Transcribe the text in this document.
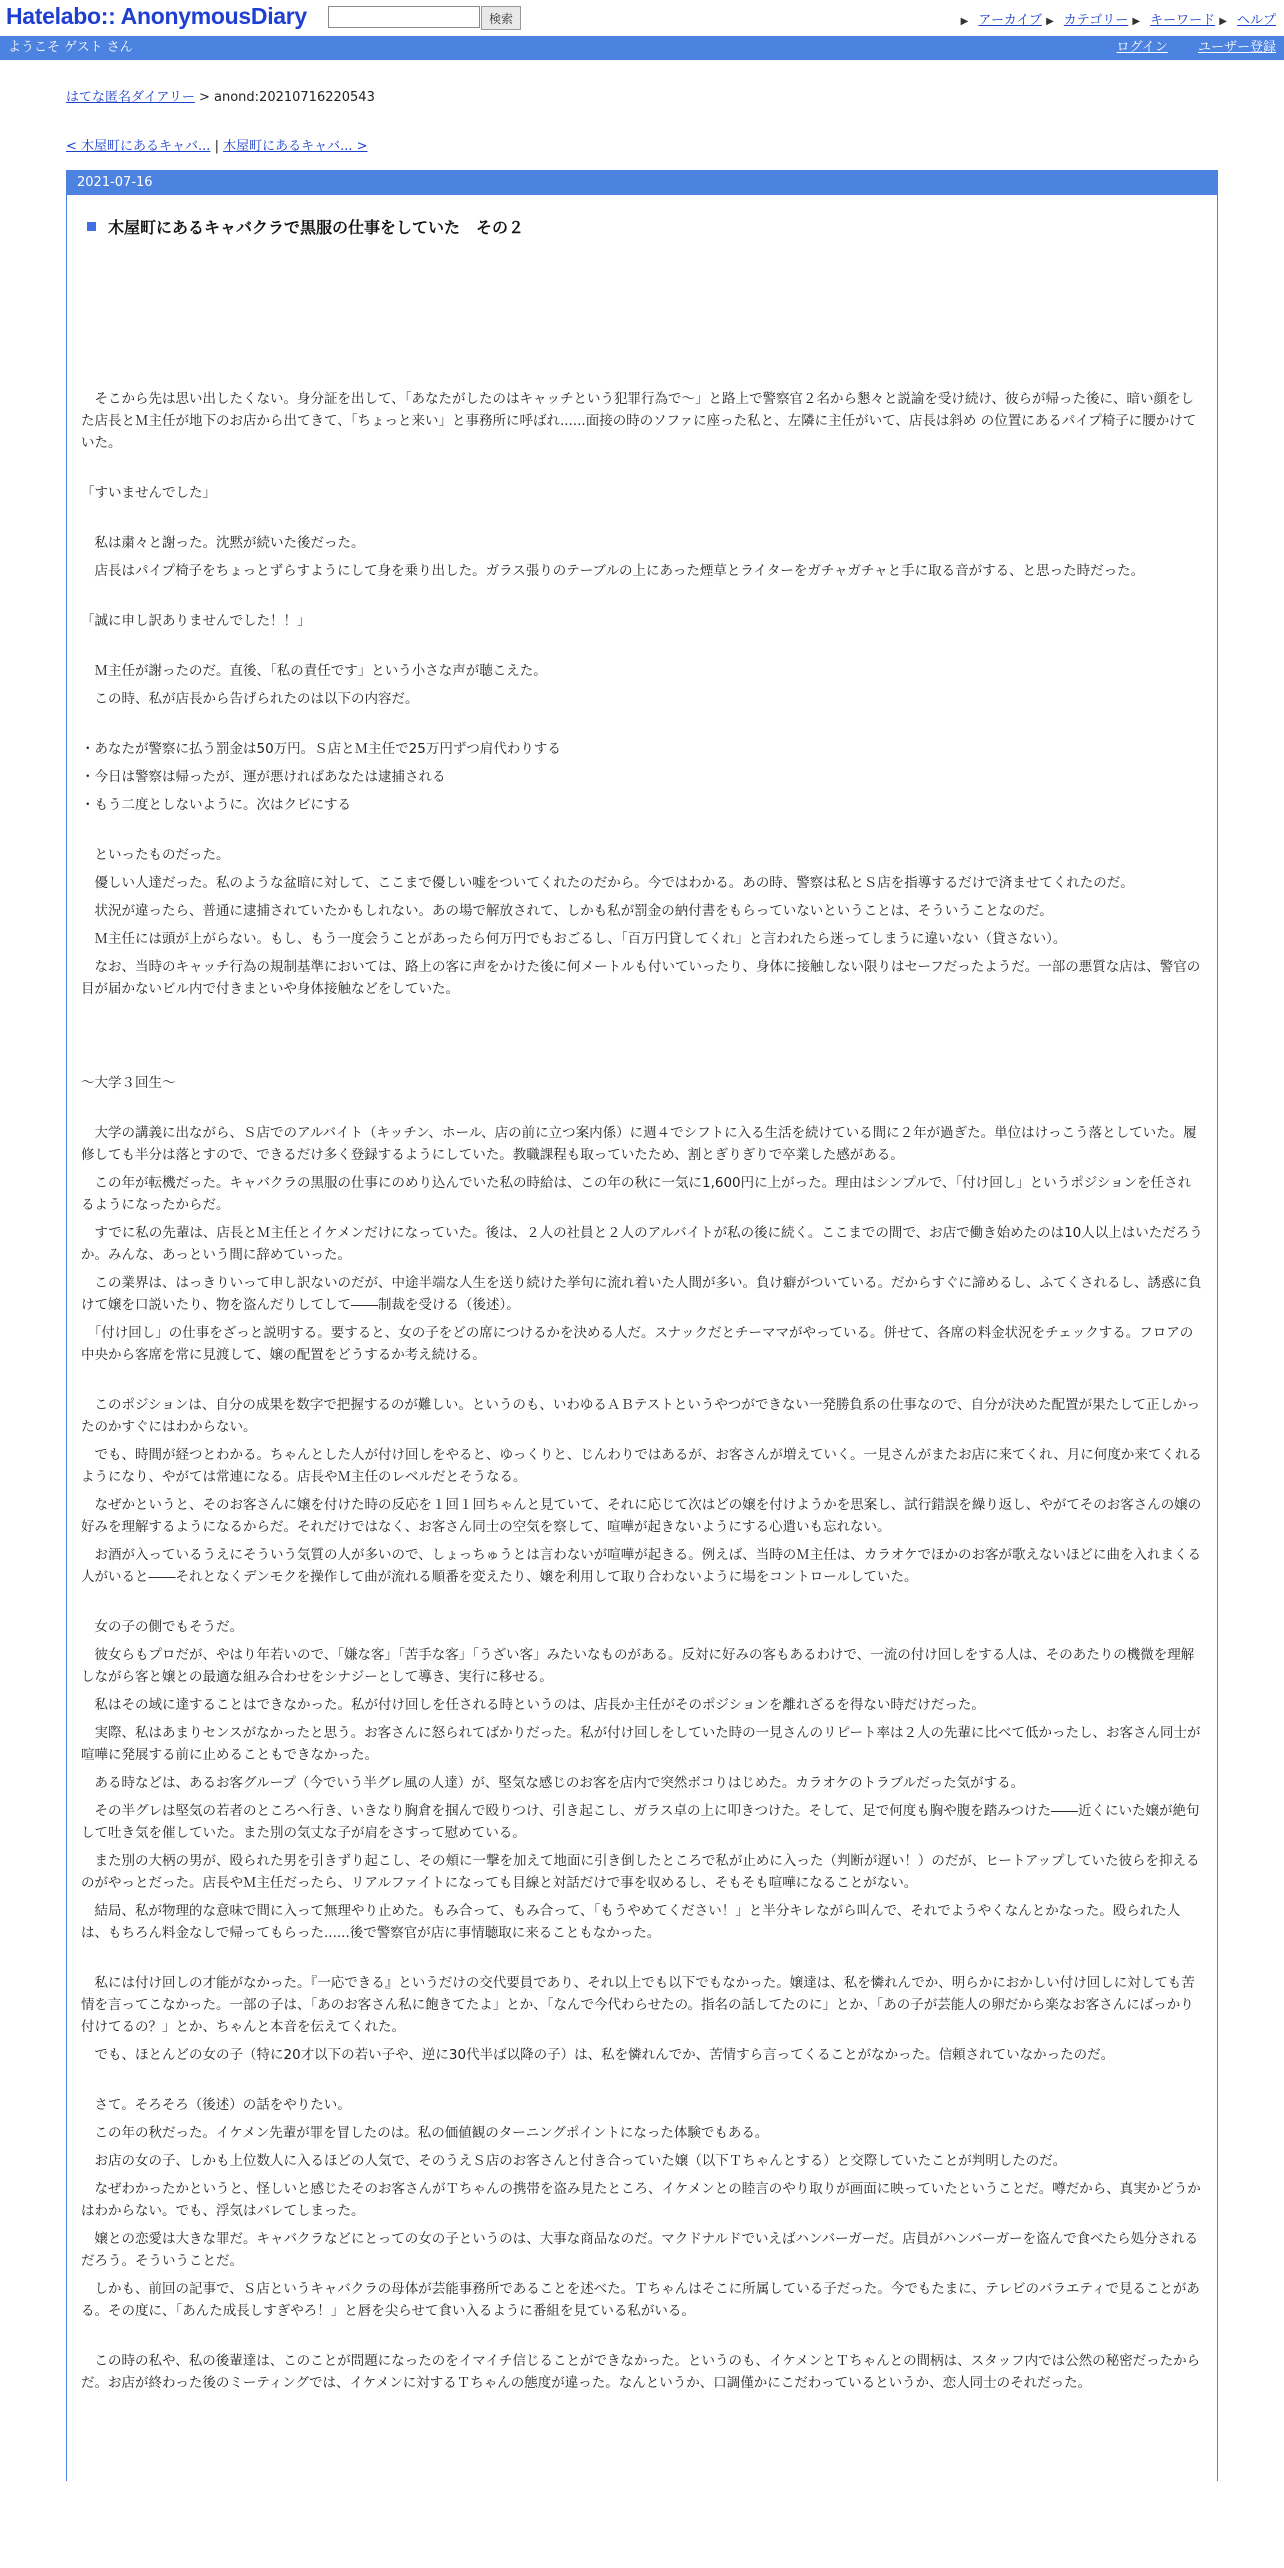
Hatelabo:: AnonymousDiary	検索	▶ アーカイブ ▶ カテゴリー ▶ キーワード ▶ ヘルプ
ようこそ ゲスト さん	ログイン ユーザー登録
はてな匿名ダイアリー > anond:20210716220543
< 木屋町にあるキャバ... | 木屋町にあるキャバ... >
2021-07-16
木屋町にあるキャバクラで黒服の仕事をしていた　その２

　そこから先は思い出したくない。身分証を出して、「あなたがしたのはキャッチという犯罪行為で～」と路上で警察官２名から懇々と説諭を受け続け、彼らが帰った後に、暗い顔をした店長とＭ主任が地下のお店から出てきて、「ちょっと来い」と事務所に呼ばれ......面接の時のソファに座った私と、左隣に主任がいて、店長は斜め の位置にあるパイプ椅子に腰かけていた。

「すいませんでした」

　私は粛々と謝った。沈黙が続いた後だった。

　店長はパイプ椅子をちょっとずらすようにして身を乗り出した。ガラス張りのテーブルの上にあった煙草とライターをガチャガチャと手に取る音がする、と思った時だった。

「誠に申し訳ありませんでした！！」

　Ｍ主任が謝ったのだ。直後、「私の責任です」という小さな声が聴こえた。

　この時、私が店長から告げられたのは以下の内容だ。

・あなたが警察に払う罰金は50万円。Ｓ店とＭ主任で25万円ずつ肩代わりする

・今日は警察は帰ったが、運が悪ければあなたは逮捕される

・もう二度としないように。次はクビにする

　といったものだった。

　優しい人達だった。私のような盆暗に対して、ここまで優しい嘘をついてくれたのだから。今ではわかる。あの時、警察は私とＳ店を指導するだけで済ませてくれたのだ。

　状況が違ったら、普通に逮捕されていたかもしれない。あの場で解放されて、しかも私が罰金の納付書をもらっていないということは、そういうことなのだ。

　Ｍ主任には頭が上がらない。もし、もう一度会うことがあったら何万円でもおごるし、「百万円貸してくれ」と言われたら迷ってしまうに違いない（貸さない）。

　なお、当時のキャッチ行為の規制基準においては、路上の客に声をかけた後に何メートルも付いていったり、身体に接触しない限りはセーフだったようだ。一部の悪質な店は、警官の目が届かないビル内で付きまといや身体接触などをしていた。

～大学３回生～

　大学の講義に出ながら、Ｓ店でのアルバイト（キッチン、ホール、店の前に立つ案内係）に週４でシフトに入る生活を続けている間に２年が過ぎた。単位はけっこう落としていた。履修しても半分は落とすので、できるだけ多く登録するようにしていた。教職課程も取っていたため、割とぎりぎりで卒業した感がある。

　この年が転機だった。キャバクラの黒服の仕事にのめり込んでいた私の時給は、この年の秋に一気に1,600円に上がった。理由はシンプルで、「付け回し」というポジションを任されるようになったからだ。

　すでに私の先輩は、店長とＭ主任とイケメンだけになっていた。後は、２人の社員と２人のアルバイトが私の後に続く。ここまでの間で、お店で働き始めたのは10人以上はいただろうか。みんな、あっという間に辞めていった。

　この業界は、はっきりいって申し訳ないのだが、中途半端な人生を送り続けた挙句に流れ着いた人間が多い。負け癖がついている。だからすぐに諦めるし、ふてくされるし、誘惑に負けて嬢を口説いたり、物を盗んだりしてして――制裁を受ける（後述）。

　「付け回し」の仕事をざっと説明する。要すると、女の子をどの席につけるかを決める人だ。スナックだとチーママがやっている。併せて、各席の料金状況をチェックする。フロアの中央から客席を常に見渡して、嬢の配置をどうするか考え続ける。

　このポジションは、自分の成果を数字で把握するのが難しい。というのも、いわゆるＡＢテストというやつができない一発勝負系の仕事なので、自分が決めた配置が果たして正しかったのかすぐにはわからない。

　でも、時間が経つとわかる。ちゃんとした人が付け回しをやると、ゆっくりと、じんわりではあるが、お客さんが増えていく。一見さんがまたお店に来てくれ、月に何度か来てくれるようになり、やがては常連になる。店長やＭ主任のレベルだとそうなる。

　なぜかというと、そのお客さんに嬢を付けた時の反応を１回１回ちゃんと見ていて、それに応じて次はどの嬢を付けようかを思案し、試行錯誤を繰り返し、やがてそのお客さんの嬢の好みを理解するようになるからだ。それだけではなく、お客さん同士の空気を察して、喧嘩が起きないようにする心遣いも忘れない。

　お酒が入っているうえにそういう気質の人が多いので、しょっちゅうとは言わないが喧嘩が起きる。例えば、当時のＭ主任は、カラオケでほかのお客が歌えないほどに曲を入れまくる人がいると――それとなくデンモクを操作して曲が流れる順番を変えたり、嬢を利用して取り合わないように場をコントロールしていた。

　女の子の側でもそうだ。

　彼女らもプロだが、やはり年若いので、「嫌な客」「苦手な客」「うざい客」みたいなものがある。反対に好みの客もあるわけで、一流の付け回しをする人は、そのあたりの機微を理解しながら客と嬢との最適な組み合わせをシナジーとして導き、実行に移せる。

　私はその域に達することはできなかった。私が付け回しを任される時というのは、店長か主任がそのポジションを離れざるを得ない時だけだった。

　実際、私はあまりセンスがなかったと思う。お客さんに怒られてばかりだった。私が付け回しをしていた時の一見さんのリピート率は２人の先輩に比べて低かったし、お客さん同士が喧嘩に発展する前に止めることもできなかった。

　ある時などは、あるお客グループ（今でいう半グレ風の人達）が、堅気な感じのお客を店内で突然ボコりはじめた。カラオケのトラブルだった気がする。

　その半グレは堅気の若者のところへ行き、いきなり胸倉を掴んで殴りつけ、引き起こし、ガラス卓の上に叩きつけた。そして、足で何度も胸や腹を踏みつけた――近くにいた嬢が絶句して吐き気を催していた。また別の気丈な子が肩をさすって慰めている。

　また別の大柄の男が、殴られた男を引きずり起こし、その頬に一撃を加えて地面に引き倒したところで私が止めに入った（判断が遅い！）のだが、ヒートアップしていた彼らを抑えるのがやっとだった。店長やＭ主任だったら、リアルファイトになっても目線と対話だけで事を収めるし、そもそも喧嘩になることがない。

　結局、私が物理的な意味で間に入って無理やり止めた。もみ合って、もみ合って、「もうやめてください！」と半分キレながら叫んで、それでようやくなんとかなった。殴られた人は、もちろん料金なしで帰ってもらった......後で警察官が店に事情聴取に来ることもなかった。

　私には付け回しの才能がなかった。『一応できる』というだけの交代要員であり、それ以上でも以下でもなかった。嬢達は、私を憐れんでか、明らかにおかしい付け回しに対しても苦情を言ってこなかった。一部の子は、「あのお客さん私に飽きてたよ」とか、「なんで今代わらせたの。指名の話してたのに」とか、「あの子が芸能人の卵だから楽なお客さんにばっかり付けてるの？」とか、ちゃんと本音を伝えてくれた。

　でも、ほとんどの女の子（特に20才以下の若い子や、逆に30代半ば以降の子）は、私を憐れんでか、苦情すら言ってくることがなかった。信頼されていなかったのだ。

　さて。そろそろ（後述）の話をやりたい。

　この年の秋だった。イケメン先輩が罪を冒したのは。私の価値観のターニングポイントになった体験でもある。

　お店の女の子、しかも上位数人に入るほどの人気で、そのうえＳ店のお客さんと付き合っていた嬢（以下Ｔちゃんとする）と交際していたことが判明したのだ。

　なぜわかったかというと、怪しいと感じたそのお客さんがＴちゃんの携帯を盗み見たところ、イケメンとの睦言のやり取りが画面に映っていたということだ。噂だから、真実かどうかはわからない。でも、浮気はバレてしまった。

　嬢との恋愛は大きな罪だ。キャバクラなどにとっての女の子というのは、大事な商品なのだ。マクドナルドでいえばハンバーガーだ。店員がハンバーガーを盗んで食べたら処分されるだろう。そういうことだ。

　しかも、前回の記事で、Ｓ店というキャバクラの母体が芸能事務所であることを述べた。Ｔちゃんはそこに所属している子だった。今でもたまに、テレビのバラエティで見ることがある。その度に、「あんた成長しすぎやろ！」と唇を尖らせて食い入るように番組を見ている私がいる。

　この時の私や、私の後輩達は、このことが問題になったのをイマイチ信じることができなかった。というのも、イケメンとＴちゃんとの間柄は、スタッフ内では公然の秘密だったからだ。お店が終わった後のミーティングでは、イケメンに対するＴちゃんの態度が違った。なんというか、口調僅かにこだわっているというか、恋人同士のそれだった。
